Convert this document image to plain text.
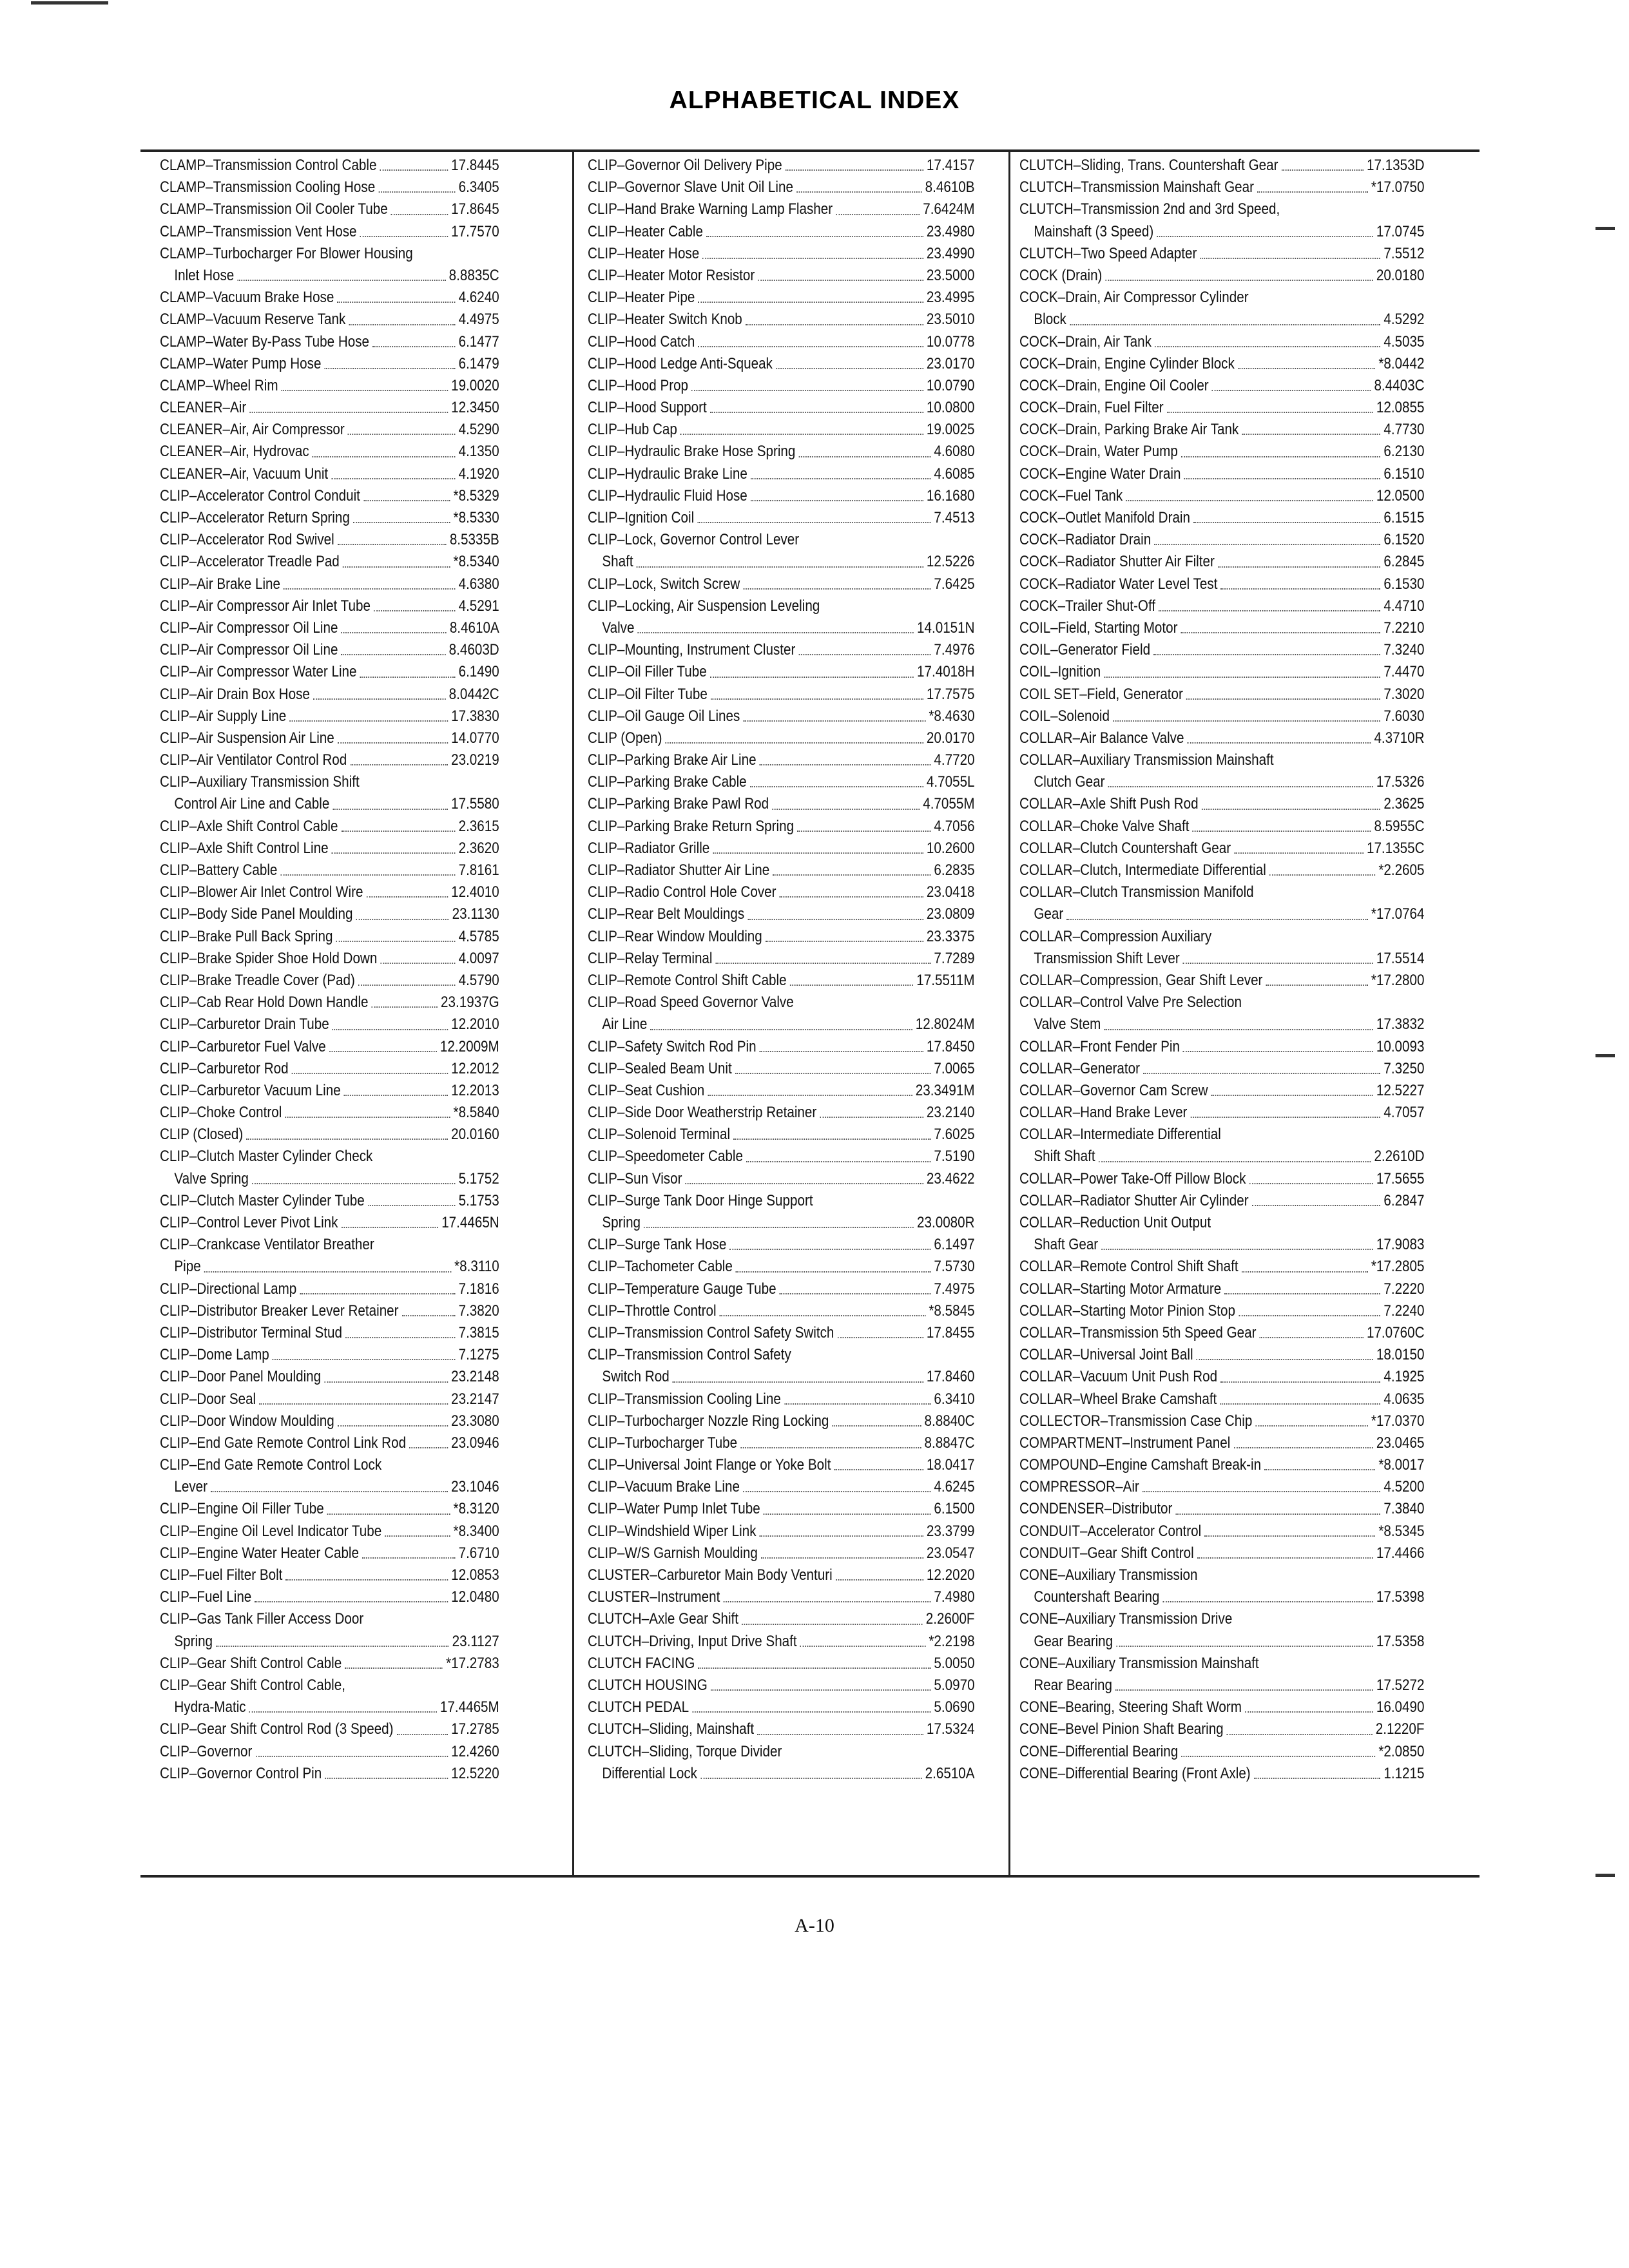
ALPHABETICAL INDEX
CLAMP–Transmission Control Cable	17.8445
CLAMP–Transmission Cooling Hose	6.3405
CLAMP–Transmission Oil Cooler Tube	17.8645
CLAMP–Transmission Vent Hose	17.7570
CLAMP–Turbocharger For Blower Housing
Inlet Hose	8.8835C
CLAMP–Vacuum Brake Hose	4.6240
CLAMP–Vacuum Reserve Tank	4.4975
CLAMP–Water By-Pass Tube Hose	6.1477
CLAMP–Water Pump Hose	6.1479
CLAMP–Wheel Rim	19.0020
CLEANER–Air	12.3450
CLEANER–Air, Air Compressor	4.5290
CLEANER–Air, Hydrovac	4.1350
CLEANER–Air, Vacuum Unit	4.1920
CLIP–Accelerator Control Conduit	*8.5329
CLIP–Accelerator Return Spring	*8.5330
CLIP–Accelerator Rod Swivel	8.5335B
CLIP–Accelerator Treadle Pad	*8.5340
CLIP–Air Brake Line	4.6380
CLIP–Air Compressor Air Inlet Tube	4.5291
CLIP–Air Compressor Oil Line	8.4610A
CLIP–Air Compressor Oil Line	8.4603D
CLIP–Air Compressor Water Line	6.1490
CLIP–Air Drain Box Hose	8.0442C
CLIP–Air Supply Line	17.3830
CLIP–Air Suspension Air Line	14.0770
CLIP–Air Ventilator Control Rod	23.0219
CLIP–Auxiliary Transmission Shift
Control Air Line and Cable	17.5580
CLIP–Axle Shift Control Cable	2.3615
CLIP–Axle Shift Control Line	2.3620
CLIP–Battery Cable	7.8161
CLIP–Blower Air Inlet Control Wire	12.4010
CLIP–Body Side Panel Moulding	23.1130
CLIP–Brake Pull Back Spring	4.5785
CLIP–Brake Spider Shoe Hold Down	4.0097
CLIP–Brake Treadle Cover (Pad)	4.5790
CLIP–Cab Rear Hold Down Handle	23.1937G
CLIP–Carburetor Drain Tube	12.2010
CLIP–Carburetor Fuel Valve	12.2009M
CLIP–Carburetor Rod	12.2012
CLIP–Carburetor Vacuum Line	12.2013
CLIP–Choke Control	*8.5840
CLIP (Closed)	20.0160
CLIP–Clutch Master Cylinder Check
Valve Spring	5.1752
CLIP–Clutch Master Cylinder Tube	5.1753
CLIP–Control Lever Pivot Link	17.4465N
CLIP–Crankcase Ventilator Breather
Pipe	*8.3110
CLIP–Directional Lamp	7.1816
CLIP–Distributor Breaker Lever Retainer	7.3820
CLIP–Distributor Terminal Stud	7.3815
CLIP–Dome Lamp	7.1275
CLIP–Door Panel Moulding	23.2148
CLIP–Door Seal	23.2147
CLIP–Door Window Moulding	23.3080
CLIP–End Gate Remote Control Link Rod	23.0946
CLIP–End Gate Remote Control Lock
Lever	23.1046
CLIP–Engine Oil Filler Tube	*8.3120
CLIP–Engine Oil Level Indicator Tube	*8.3400
CLIP–Engine Water Heater Cable	7.6710
CLIP–Fuel Filter Bolt	12.0853
CLIP–Fuel Line	12.0480
CLIP–Gas Tank Filler Access Door
Spring	23.1127
CLIP–Gear Shift Control Cable	*17.2783
CLIP–Gear Shift Control Cable,
Hydra-Matic	17.4465M
CLIP–Gear Shift Control Rod (3 Speed)	17.2785
CLIP–Governor	12.4260
CLIP–Governor Control Pin	12.5220
CLIP–Governor Oil Delivery Pipe	17.4157
CLIP–Governor Slave Unit Oil Line	8.4610B
CLIP–Hand Brake Warning Lamp Flasher	7.6424M
CLIP–Heater Cable	23.4980
CLIP–Heater Hose	23.4990
CLIP–Heater Motor Resistor	23.5000
CLIP–Heater Pipe	23.4995
CLIP–Heater Switch Knob	23.5010
CLIP–Hood Catch	10.0778
CLIP–Hood Ledge Anti-Squeak	23.0170
CLIP–Hood Prop	10.0790
CLIP–Hood Support	10.0800
CLIP–Hub Cap	19.0025
CLIP–Hydraulic Brake Hose Spring	4.6080
CLIP–Hydraulic Brake Line	4.6085
CLIP–Hydraulic Fluid Hose	16.1680
CLIP–Ignition Coil	7.4513
CLIP–Lock, Governor Control Lever
Shaft	12.5226
CLIP–Lock, Switch Screw	7.6425
CLIP–Locking, Air Suspension Leveling
Valve	14.0151N
CLIP–Mounting, Instrument Cluster	7.4976
CLIP–Oil Filler Tube	17.4018H
CLIP–Oil Filter Tube	17.7575
CLIP–Oil Gauge Oil Lines	*8.4630
CLIP (Open)	20.0170
CLIP–Parking Brake Air Line	4.7720
CLIP–Parking Brake Cable	4.7055L
CLIP–Parking Brake Pawl Rod	4.7055M
CLIP–Parking Brake Return Spring	4.7056
CLIP–Radiator Grille	10.2600
CLIP–Radiator Shutter Air Line	6.2835
CLIP–Radio Control Hole Cover	23.0418
CLIP–Rear Belt Mouldings	23.0809
CLIP–Rear Window Moulding	23.3375
CLIP–Relay Terminal	7.7289
CLIP–Remote Control Shift Cable	17.5511M
CLIP–Road Speed Governor Valve
Air Line	12.8024M
CLIP–Safety Switch Rod Pin	17.8450
CLIP–Sealed Beam Unit	7.0065
CLIP–Seat Cushion	23.3491M
CLIP–Side Door Weatherstrip Retainer	23.2140
CLIP–Solenoid Terminal	7.6025
CLIP–Speedometer Cable	7.5190
CLIP–Sun Visor	23.4622
CLIP–Surge Tank Door Hinge Support
Spring	23.0080R
CLIP–Surge Tank Hose	6.1497
CLIP–Tachometer Cable	7.5730
CLIP–Temperature Gauge Tube	7.4975
CLIP–Throttle Control	*8.5845
CLIP–Transmission Control Safety Switch	17.8455
CLIP–Transmission Control Safety
Switch Rod	17.8460
CLIP–Transmission Cooling Line	6.3410
CLIP–Turbocharger Nozzle Ring Locking	8.8840C
CLIP–Turbocharger Tube	8.8847C
CLIP–Universal Joint Flange or Yoke Bolt	18.0417
CLIP–Vacuum Brake Line	4.6245
CLIP–Water Pump Inlet Tube	6.1500
CLIP–Windshield Wiper Link	23.3799
CLIP–W/S Garnish Moulding	23.0547
CLUSTER–Carburetor Main Body Venturi	12.2020
CLUSTER–Instrument	7.4980
CLUTCH–Axle Gear Shift	2.2600F
CLUTCH–Driving, Input Drive Shaft	*2.2198
CLUTCH FACING	5.0050
CLUTCH HOUSING	5.0970
CLUTCH PEDAL	5.0690
CLUTCH–Sliding, Mainshaft	17.5324
CLUTCH–Sliding, Torque Divider
Differential Lock	2.6510A
CLUTCH–Sliding, Trans. Countershaft Gear	17.1353D
CLUTCH–Transmission Mainshaft Gear	*17.0750
CLUTCH–Transmission 2nd and 3rd Speed,
Mainshaft (3 Speed)	17.0745
CLUTCH–Two Speed Adapter	7.5512
COCK (Drain)	20.0180
COCK–Drain, Air Compressor Cylinder
Block	4.5292
COCK–Drain, Air Tank	4.5035
COCK–Drain, Engine Cylinder Block	*8.0442
COCK–Drain, Engine Oil Cooler	8.4403C
COCK–Drain, Fuel Filter	12.0855
COCK–Drain, Parking Brake Air Tank	4.7730
COCK–Drain, Water Pump	6.2130
COCK–Engine Water Drain	6.1510
COCK–Fuel Tank	12.0500
COCK–Outlet Manifold Drain	6.1515
COCK–Radiator Drain	6.1520
COCK–Radiator Shutter Air Filter	6.2845
COCK–Radiator Water Level Test	6.1530
COCK–Trailer Shut-Off	4.4710
COIL–Field, Starting Motor	7.2210
COIL–Generator Field	7.3240
COIL–Ignition	7.4470
COIL SET–Field, Generator	7.3020
COIL–Solenoid	7.6030
COLLAR–Air Balance Valve	4.3710R
COLLAR–Auxiliary Transmission Mainshaft
Clutch Gear	17.5326
COLLAR–Axle Shift Push Rod	2.3625
COLLAR–Choke Valve Shaft	8.5955C
COLLAR–Clutch Countershaft Gear	17.1355C
COLLAR–Clutch, Intermediate Differential	*2.2605
COLLAR–Clutch Transmission Manifold
Gear	*17.0764
COLLAR–Compression Auxiliary
Transmission Shift Lever	17.5514
COLLAR–Compression, Gear Shift Lever	*17.2800
COLLAR–Control Valve Pre Selection
Valve Stem	17.3832
COLLAR–Front Fender Pin	10.0093
COLLAR–Generator	7.3250
COLLAR–Governor Cam Screw	12.5227
COLLAR–Hand Brake Lever	4.7057
COLLAR–Intermediate Differential
Shift Shaft	2.2610D
COLLAR–Power Take-Off Pillow Block	17.5655
COLLAR–Radiator Shutter Air Cylinder	6.2847
COLLAR–Reduction Unit Output
Shaft Gear	17.9083
COLLAR–Remote Control Shift Shaft	*17.2805
COLLAR–Starting Motor Armature	7.2220
COLLAR–Starting Motor Pinion Stop	7.2240
COLLAR–Transmission 5th Speed Gear	17.0760C
COLLAR–Universal Joint Ball	18.0150
COLLAR–Vacuum Unit Push Rod	4.1925
COLLAR–Wheel Brake Camshaft	4.0635
COLLECTOR–Transmission Case Chip	*17.0370
COMPARTMENT–Instrument Panel	23.0465
COMPOUND–Engine Camshaft Break-in	*8.0017
COMPRESSOR–Air	4.5200
CONDENSER–Distributor	7.3840
CONDUIT–Accelerator Control	*8.5345
CONDUIT–Gear Shift Control	17.4466
CONE–Auxiliary Transmission
Countershaft Bearing	17.5398
CONE–Auxiliary Transmission Drive
Gear Bearing	17.5358
CONE–Auxiliary Transmission Mainshaft
Rear Bearing	17.5272
CONE–Bearing, Steering Shaft Worm	16.0490
CONE–Bevel Pinion Shaft Bearing	2.1220F
CONE–Differential Bearing	*2.0850
CONE–Differential Bearing (Front Axle)	1.1215
A-10
